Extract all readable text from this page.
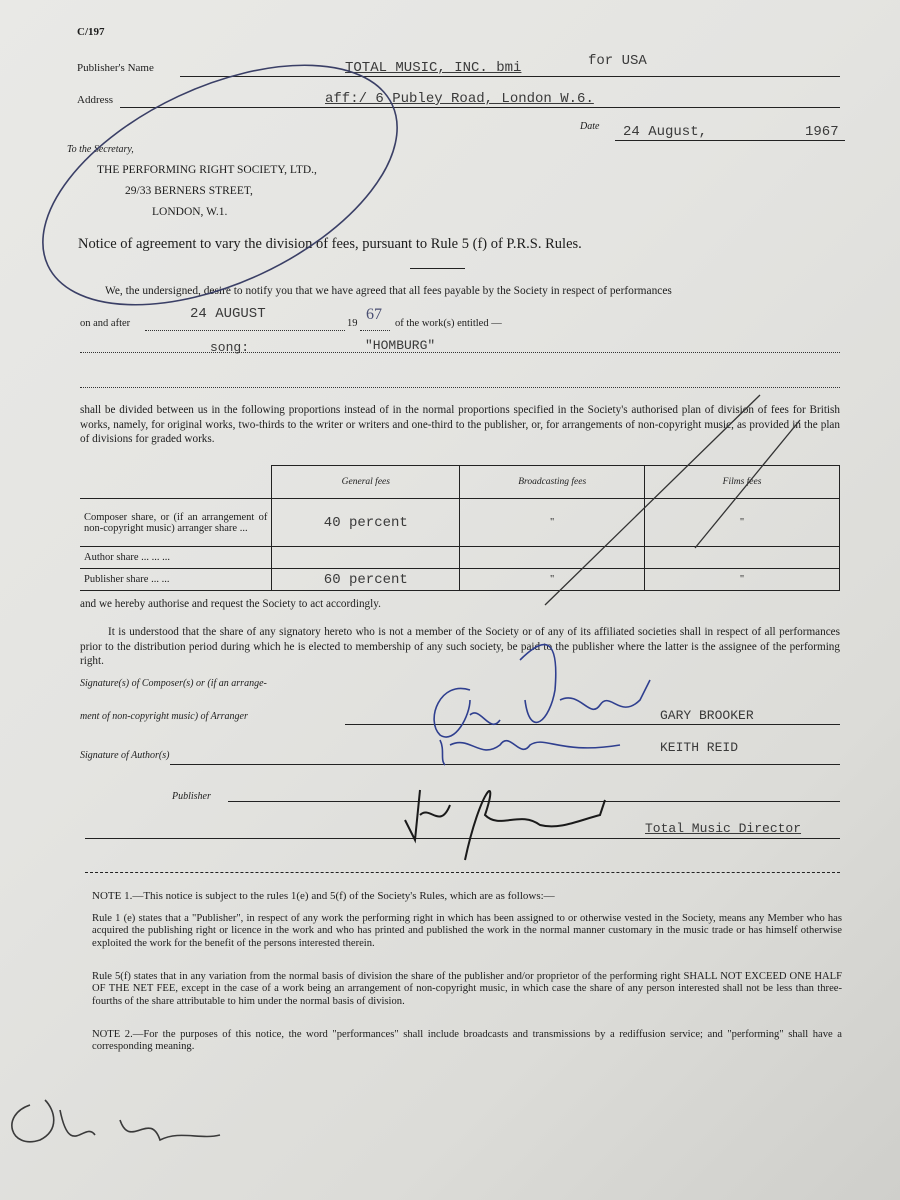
C/197
Publisher's Name	TOTAL MUSIC, INC. bmi	for USA
Address	aff:/ 6 Publey Road, London W.6.
Date 24 August,	1967
To the Secretary,
THE PERFORMING RIGHT SOCIETY, LTD.,
29/33 BERNERS STREET,
LONDON, W.1.
Notice of agreement to vary the division of fees, pursuant to Rule 5 (f) of P.R.S. Rules.
We, the undersigned, desire to notify you that we have agreed that all fees payable by the Society in respect of performances
on and after
24 AUGUST
19
67
of the work(s) entitled —
song:	"HOMBURG"
shall be divided between us in the following proportions instead of in the normal proportions specified in the Society's authorised plan of division of fees for British works, namely, for original works, two-thirds to the writer or writers and one-third to the publisher, or, for arrangements of non-copyright music, as provided in the plan of divisions for graded works.
	General fees	Broadcasting fees	Films fees
Composer share, or (if an arrangement of non-copyright music) arranger share ...	40 percent	"	"
Author share ... ... ...			
Publisher share ... ...	60 percent	"	"
and we hereby authorise and request the Society to act accordingly.
It is understood that the share of any signatory hereto who is not a member of the Society or of any of its affiliated societies shall in respect of all performances prior to the distribution period during which he is elected to membership of any such society, be paid to the publisher where the latter is the assignee of the performing right.
Signature(s) of Composer(s) or (if an arrange-
ment of non-copyright music) of Arranger	GARY BROOKER
Signature of Author(s)
KEITH REID
Publisher
Total Music Director
NOTE 1.—This notice is subject to the rules 1(e) and 5(f) of the Society's Rules, which are as follows:—
Rule 1 (e) states that a "Publisher", in respect of any work the performing right in which has been assigned to or otherwise vested in the Society, means any Member who has acquired the publishing right or licence in the work and who has printed and published the work in the normal manner customary in the music trade or has himself otherwise exploited the work for the benefit of the persons interested therein.
Rule 5(f) states that in any variation from the normal basis of division the share of the publisher and/or proprietor of the performing right SHALL NOT EXCEED ONE HALF OF THE NET FEE, except in the case of a work being an arrangement of non-copyright music, in which case the share of any person interested shall not be less than three-fourths of the share attributable to him under the normal basis of division.
NOTE 2.—For the purposes of this notice, the word "performances" shall include broadcasts and transmissions by a rediffusion service; and "performing" shall have a corresponding meaning.
